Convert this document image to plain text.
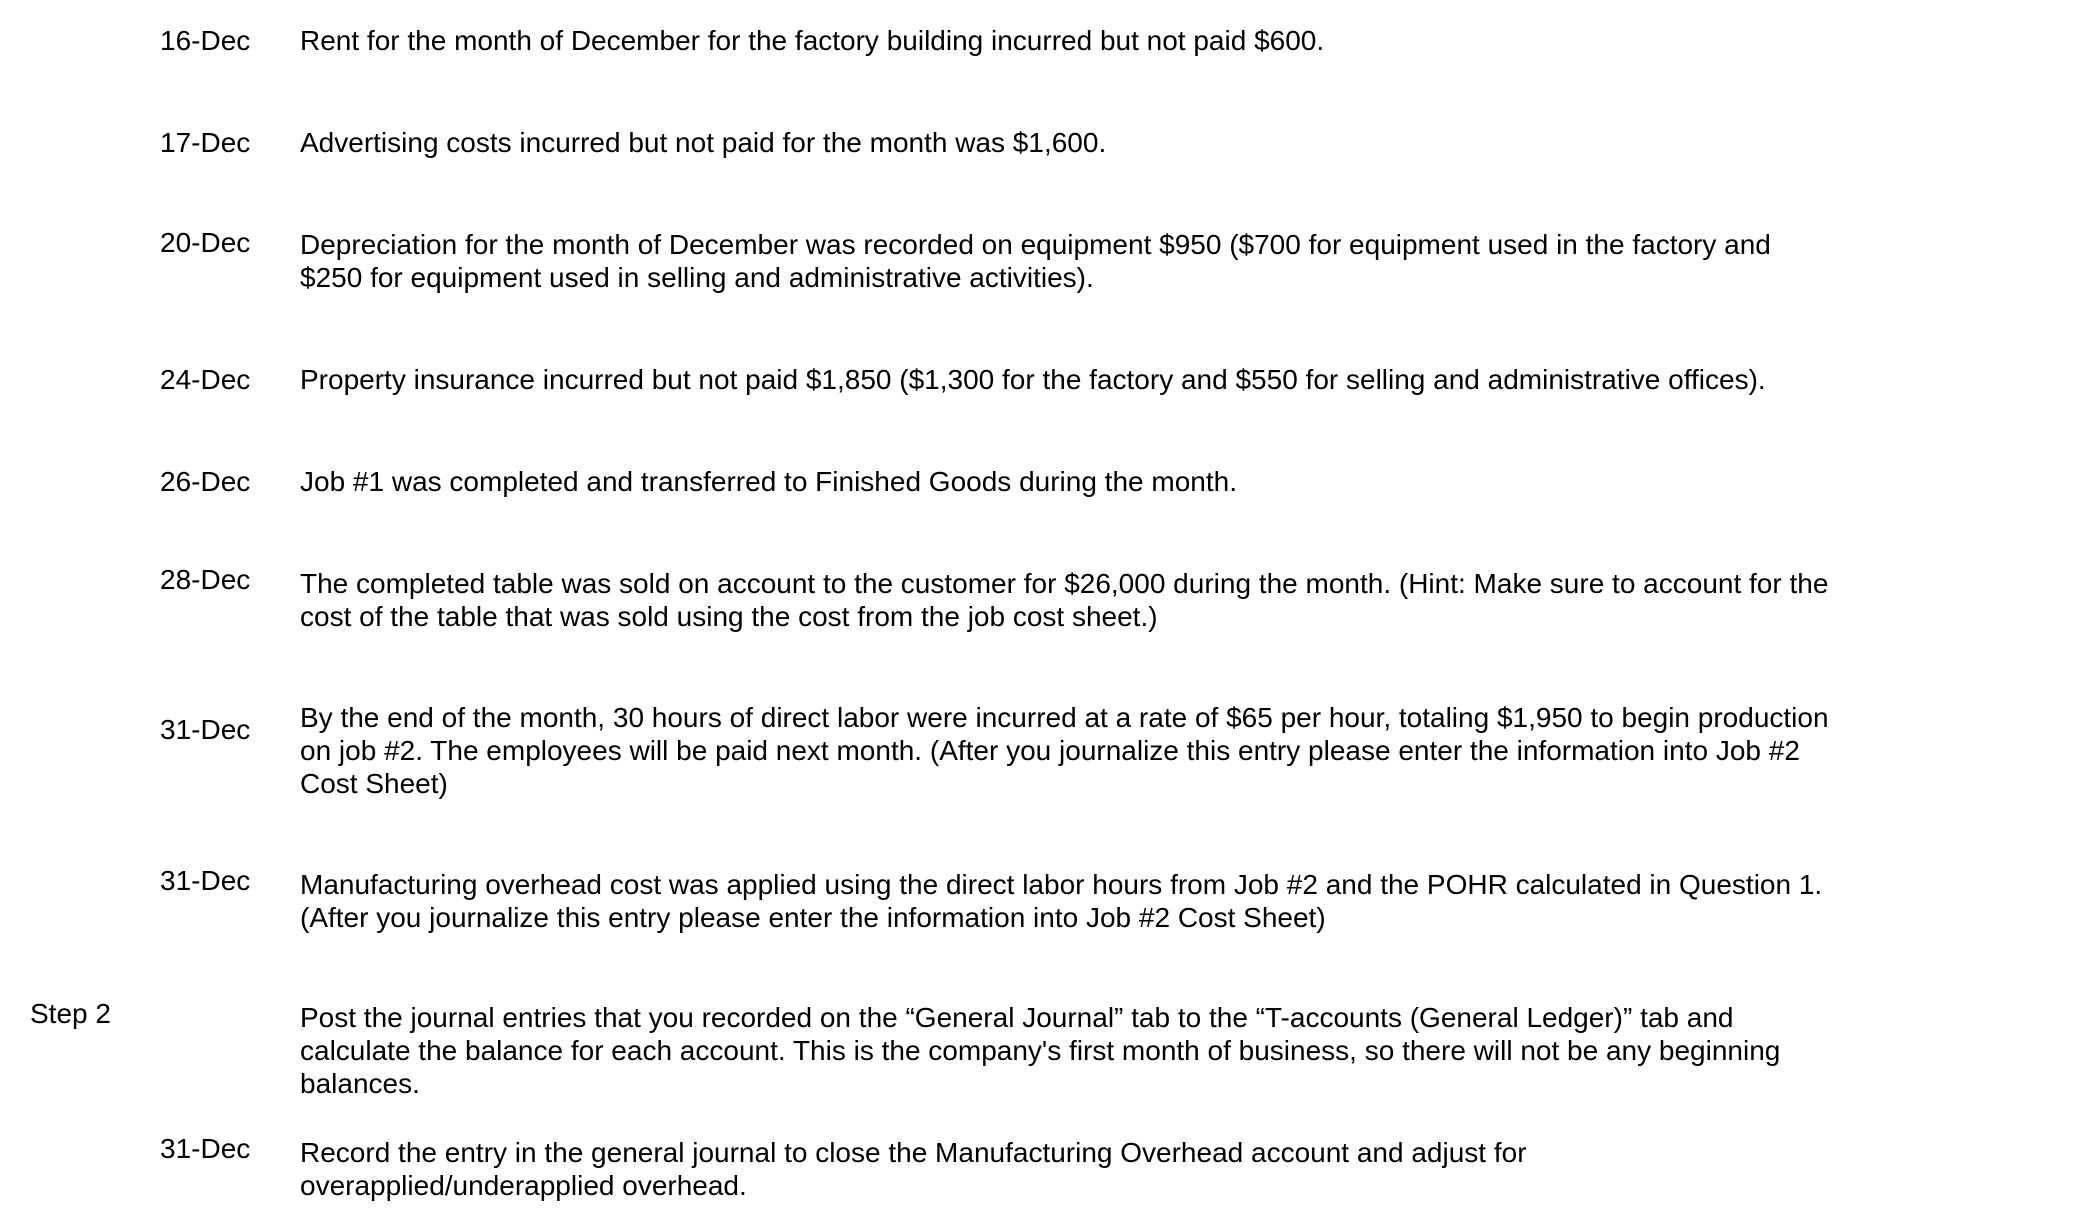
16-Dec Rent for the month of December for the factory building incurred but not paid $600.
17-Dec Advertising costs incurred but not paid for the month was $1,600.
20-Dec Depreciation for the month of December was recorded on equipment $950 ($700 for equipment used in the factory and $250 for equipment used in selling and administrative activities).
24-Dec Property insurance incurred but not paid $1,850 ($1,300 for the factory and $550 for selling and administrative offices).
26-Dec Job #1 was completed and transferred to Finished Goods during the month.
28-Dec The completed table was sold on account to the customer for $26,000 during the month. (Hint: Make sure to account for the cost of the table that was sold using the cost from the job cost sheet.)
31-Dec By the end of the month, 30 hours of direct labor were incurred at a rate of $65 per hour, totaling $1,950 to begin production on job #2. The employees will be paid next month. (After you journalize this entry please enter the information into Job #2 Cost Sheet)
31-Dec Manufacturing overhead cost was applied using the direct labor hours from Job #2 and the POHR calculated in Question 1. (After you journalize this entry please enter the information into Job #2 Cost Sheet)
Step 2	Post the journal entries that you recorded on the “General Journal” tab to the “T-accounts (General Ledger)” tab and calculate the balance for each account. This is the company's first month of business, so there will not be any beginning balances.
31-Dec Record the entry in the general journal to close the Manufacturing Overhead account and adjust for overapplied/underapplied overhead.
